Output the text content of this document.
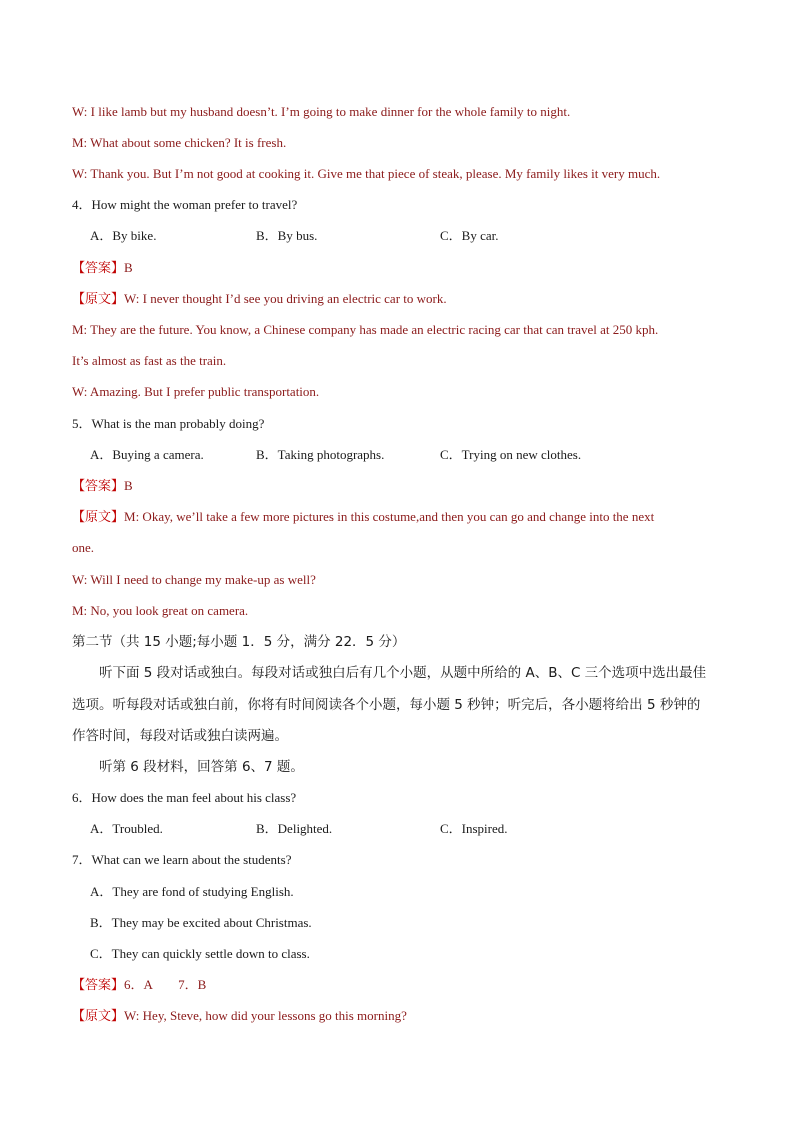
W: I like lamb but my husband doesn’t. I’m going to make dinner for the whole family to night.
M: What about some chicken? It is fresh.
W: Thank you. But I’m not good at cooking it. Give me that piece of steak, please. My family likes it very much.
4．How might the woman prefer to travel?
A．By bike.	B．By bus.	C．By car.
【答案】B
【原文】W: I never thought I’d see you driving an electric car to work.
M: They are the future. You know, a Chinese company has made an electric racing car that can travel at 250 kph.
It’s almost as fast as the train.
W: Amazing. But I prefer public transportation.
5．What is the man probably doing?
A．Buying a camera.	B．Taking photographs.	C．Trying on new clothes.
【答案】B
【原文】M: Okay, we’ll take a few more pictures in this costume,and then you can go and change into the next
one.
W: Will I need to change my make-up as well?
M: No, you look great on camera.
第二节（共 15 小题;每小题 1．5 分，满分 22．5 分）
听下面 5 段对话或独白。每段对话或独白后有几个小题，从题中所给的 A、B、C 三个选项中选出最佳
选项。听每段对话或独白前，你将有时间阅读各个小题，每小题 5 秒钟；听完后，各小题将给出 5 秒钟的
作答时间，每段对话或独白读两遍。
听第 6 段材料，回答第 6、7 题。
6．How does the man feel about his class?
A．Troubled.	B．Delighted.	C．Inspired.
7．What can we learn about the students?
A．They are fond of studying English.
B．They may be excited about Christmas.
C．They can quickly settle down to class.
【答案】6．A　　7．B
【原文】W: Hey, Steve, how did your lessons go this morning?
